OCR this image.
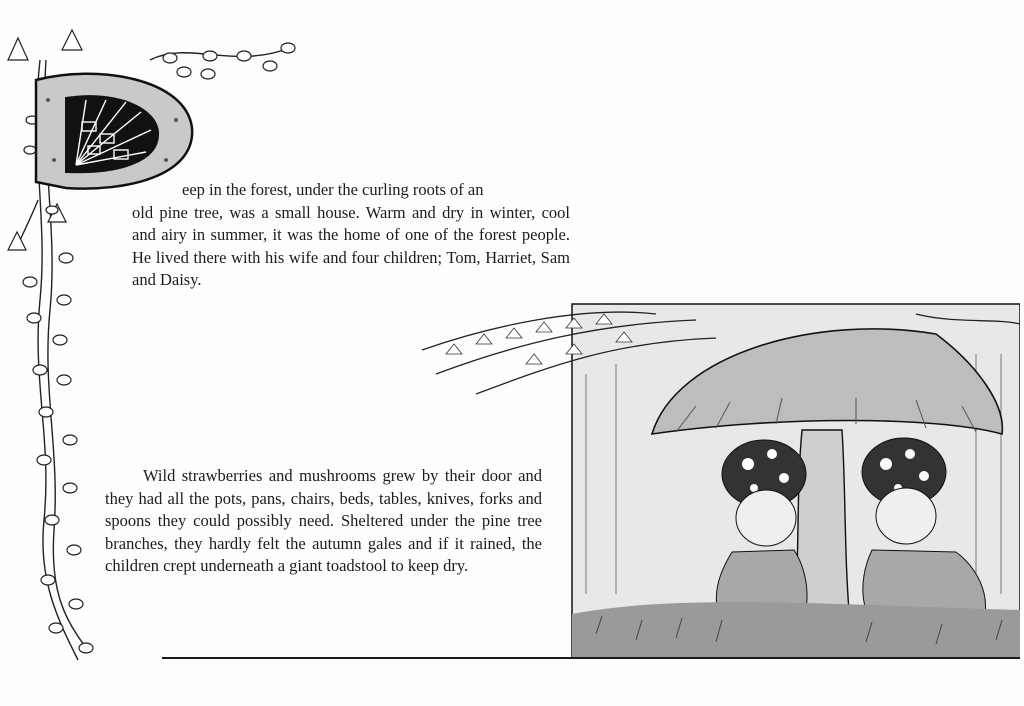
D	eep in the forest, under the curling roots of an
old pine tree, was a small house. Warm and dry in winter, cool and airy in summer, it was the home of one of the forest people. He lived there with his wife and four children; Tom, Harriet, Sam and Daisy.

Wild strawberries and mushrooms grew by their door and they had all the pots, pans, chairs, beds, tables, knives, forks and spoons they could possibly need. Sheltered under the pine tree branches, they hardly felt the autumn gales and if it rained, the children crept underneath a giant toadstool to keep dry.
